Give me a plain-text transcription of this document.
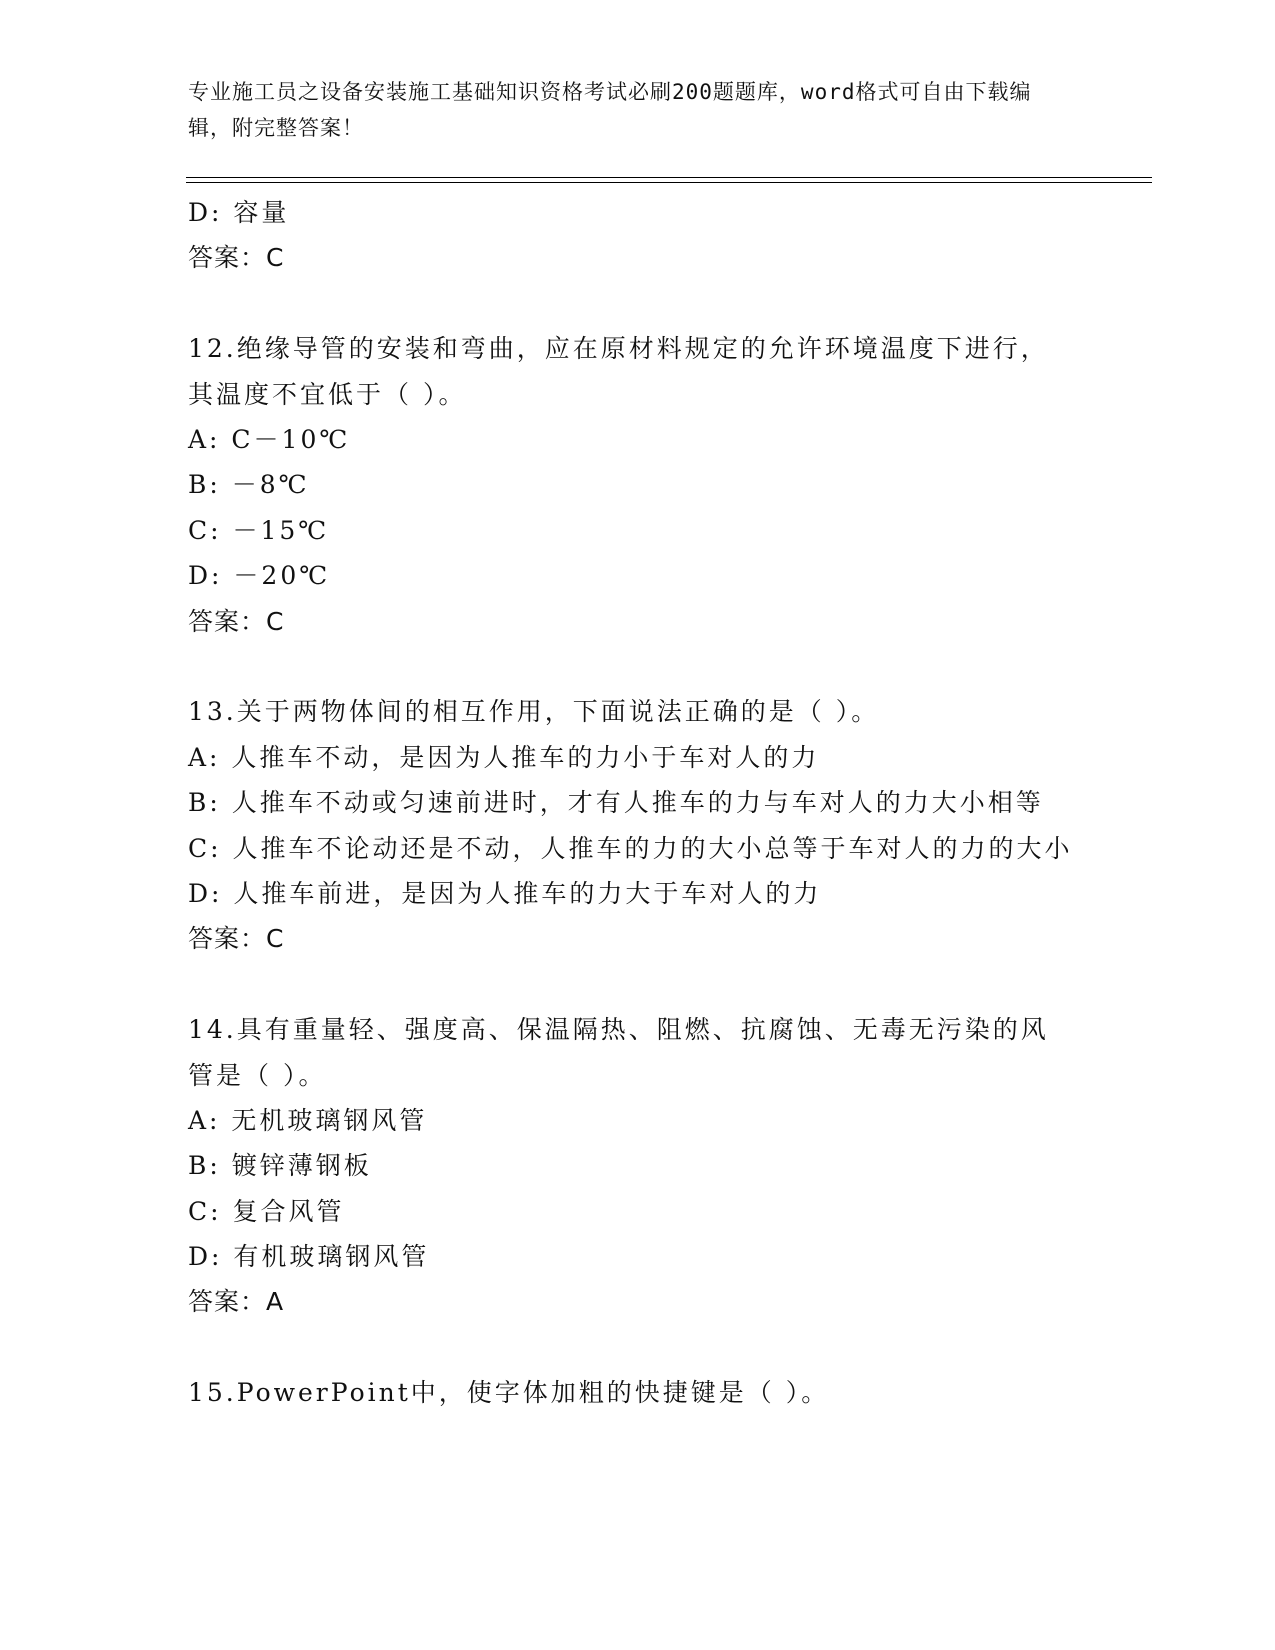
专业施工员之设备安装施工基础知识资格考试必刷200题题库，word格式可自由下载编辑，附完整答案！
D: 容量
答案：C
12.绝缘导管的安装和弯曲，应在原材料规定的允许环境温度下进行，其温度不宜低于（ ）。
A: C－10℃
B: －8℃
C: －15℃
D: －20℃
答案：C
13.关于两物体间的相互作用，下面说法正确的是（ ）。
A: 人推车不动，是因为人推车的力小于车对人的力
B: 人推车不动或匀速前进时，才有人推车的力与车对人的力大小相等
C: 人推车不论动还是不动，人推车的力的大小总等于车对人的力的大小
D: 人推车前进，是因为人推车的力大于车对人的力
答案：C
14.具有重量轻、强度高、保温隔热、阻燃、抗腐蚀、无毒无污染的风管是（ ）。
A: 无机玻璃钢风管
B: 镀锌薄钢板
C: 复合风管
D: 有机玻璃钢风管
答案：A
15.PowerPoint中，使字体加粗的快捷键是（ ）。
